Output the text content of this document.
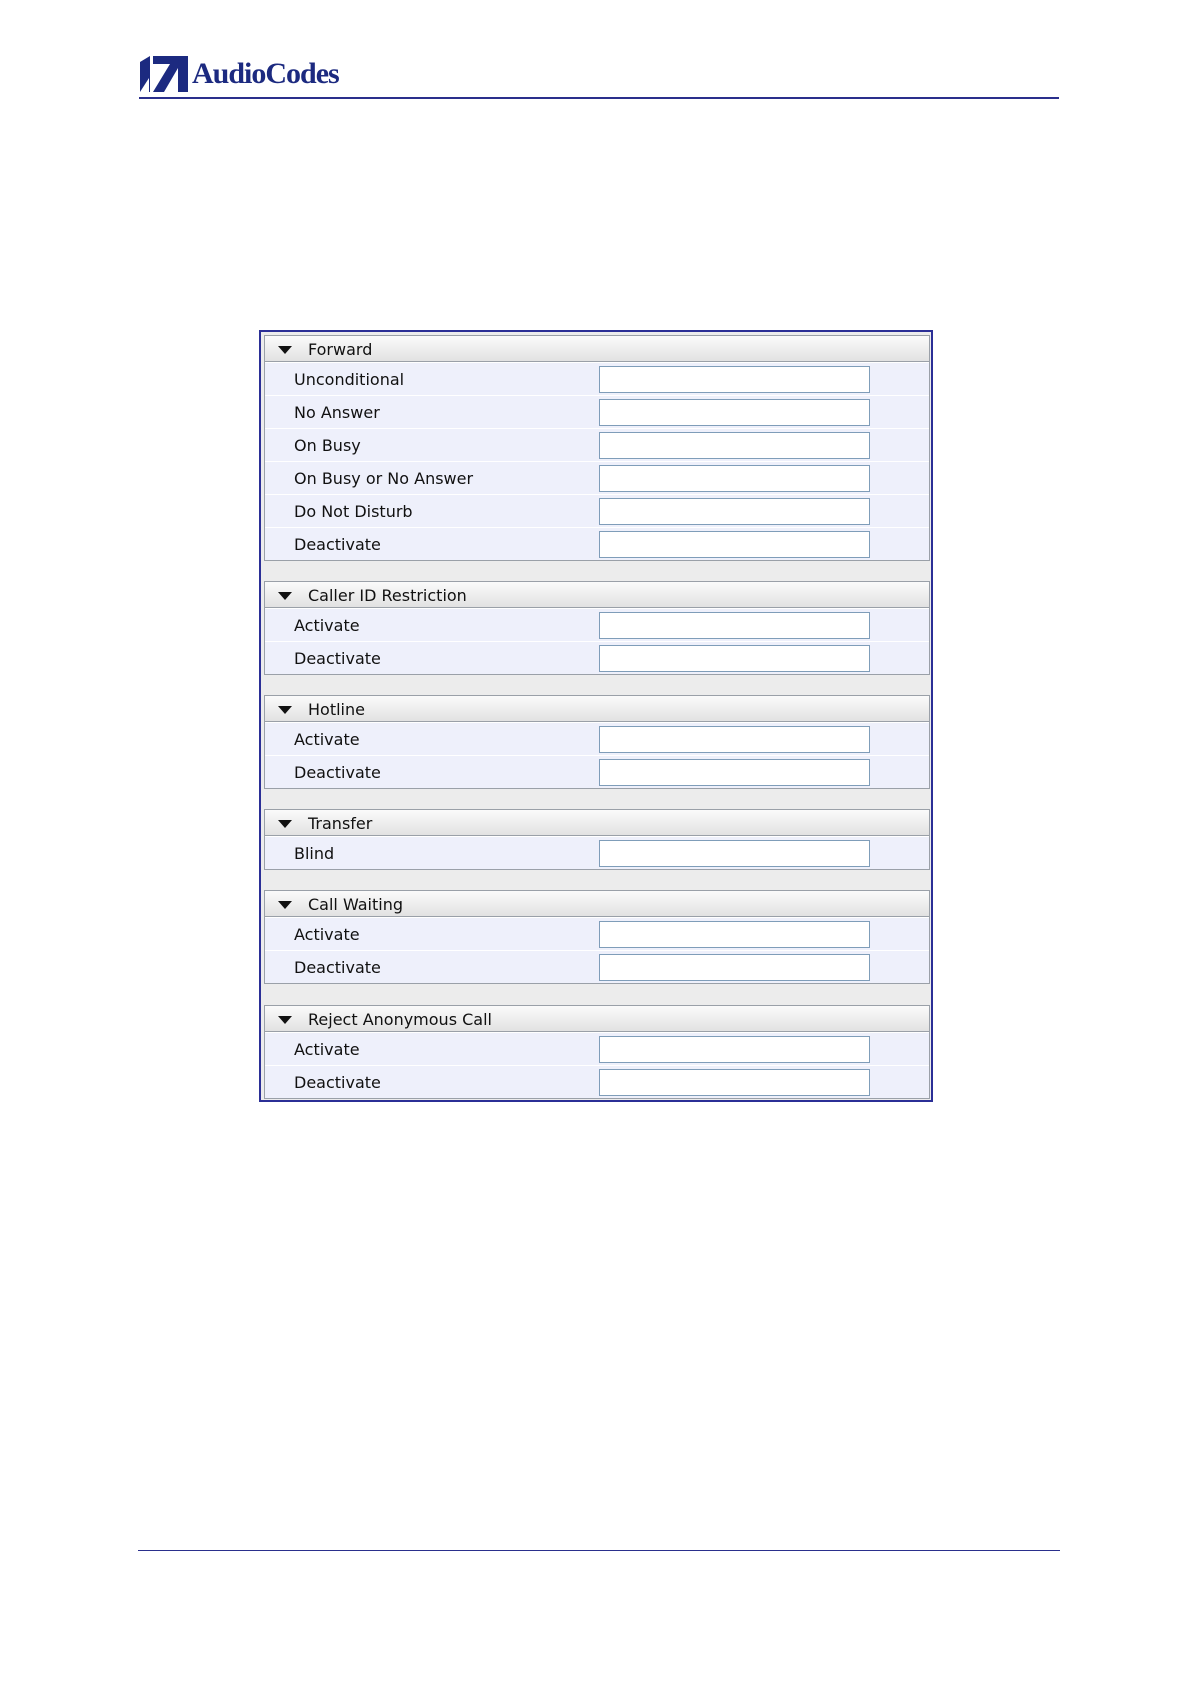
AudioCodes
Forward
Unconditional
No Answer
On Busy
On Busy or No Answer
Do Not Disturb
Deactivate
Caller ID Restriction
Activate
Deactivate
Hotline
Activate
Deactivate
Transfer
Blind
Call Waiting
Activate
Deactivate
Reject Anonymous Call
Activate
Deactivate
